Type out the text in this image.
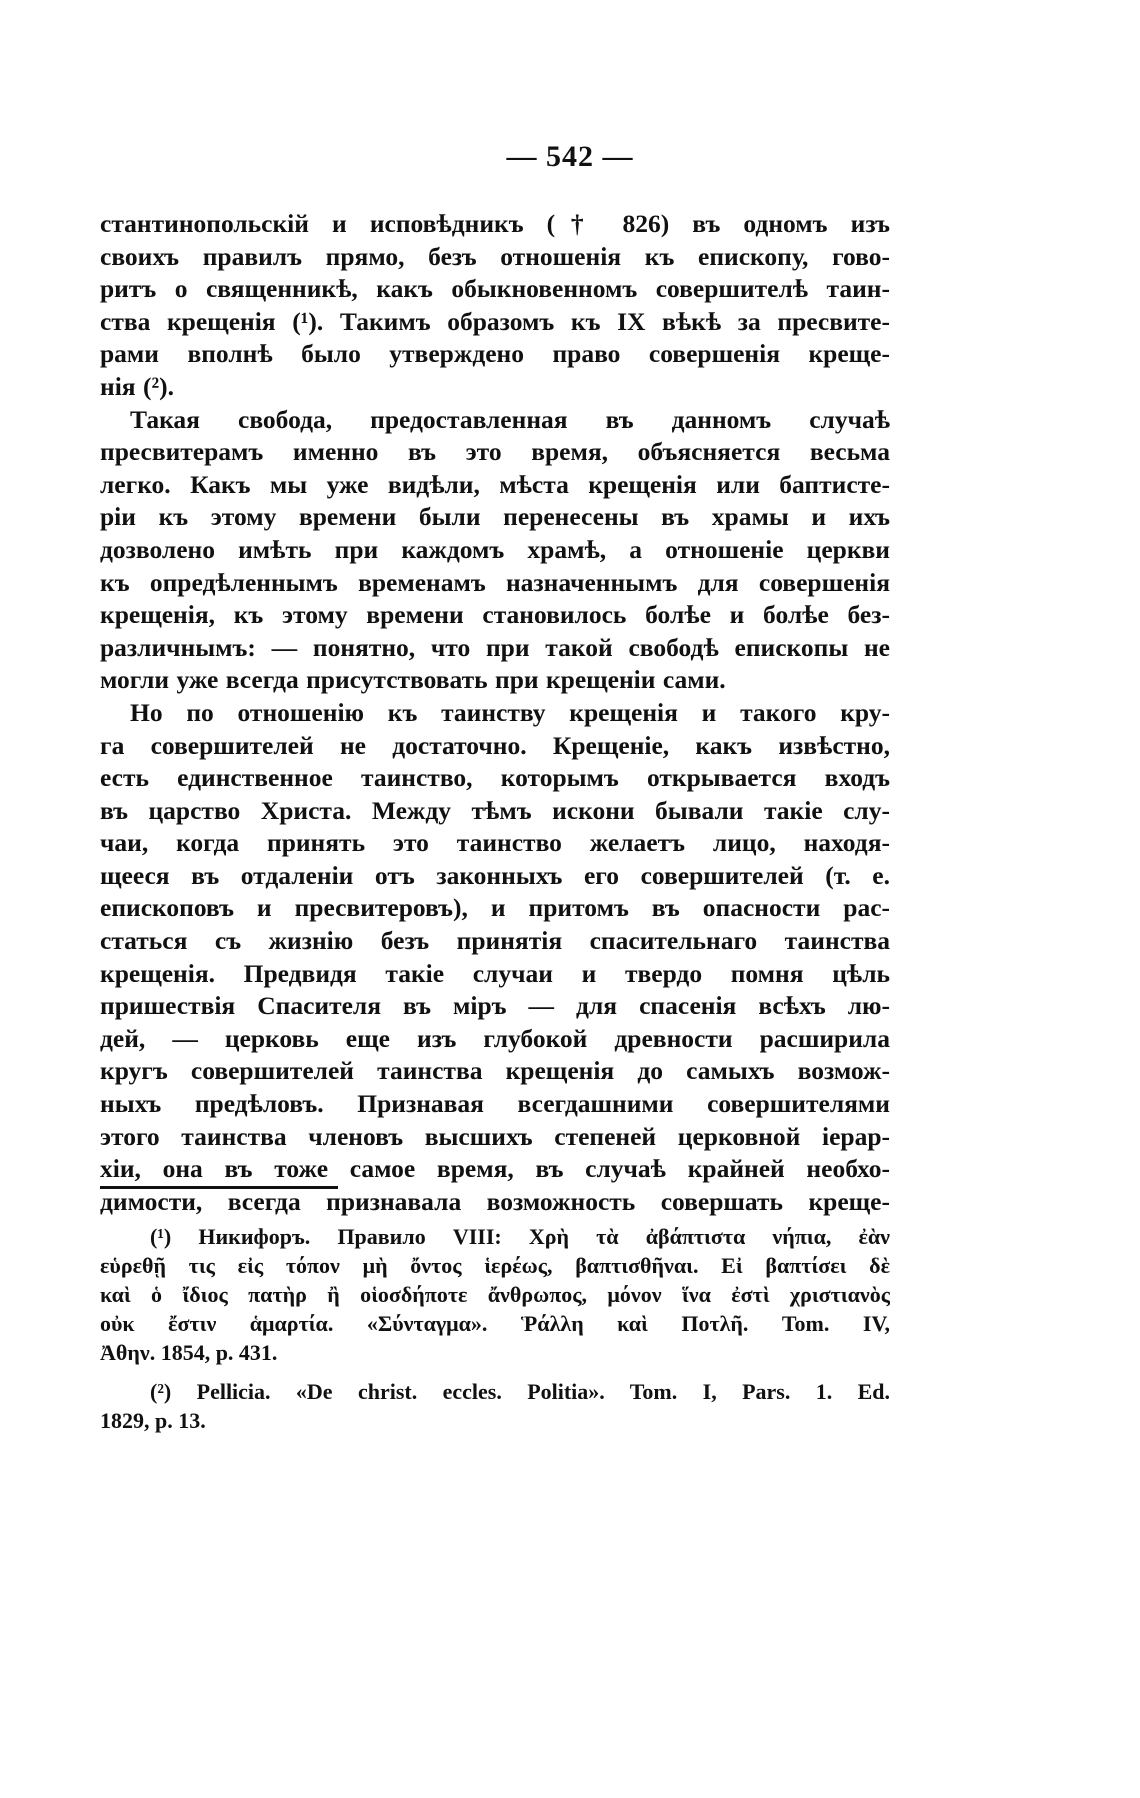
— 542 —
стантинопольскій и исповѣдникъ († 826) въ одномъ изъ
своихъ правилъ прямо, безъ отношенія къ епископу, гово-
ритъ о священникѣ, какъ обыкновенномъ совершителѣ таин-
ства крещенія (¹). Такимъ образомъ къ IX вѣкѣ за пресвите-
рами вполнѣ было утверждено право совершенія креще-
нія (²).
Такая свобода, предоставленная въ данномъ случаѣ
пресвитерамъ именно въ это время, объясняется весьма
легко. Какъ мы уже видѣли, мѣста крещенія или баптисте-
ріи къ этому времени были перенесены въ храмы и ихъ
дозволено имѣть при каждомъ храмѣ, а отношеніе церкви
къ опредѣленнымъ временамъ назначеннымъ для совершенія
крещенія, къ этому времени становилось болѣе и болѣе без-
различнымъ: — понятно, что при такой свободѣ епископы не
могли уже всегда присутствовать при крещеніи сами.
Но по отношенію къ таинству крещенія и такого кру-
га совершителей не достаточно. Крещеніе, какъ извѣстно,
есть единственное таинство, которымъ открывается входъ
въ царство Христа. Между тѣмъ искони бывали такіе слу-
чаи, когда принять это таинство желаетъ лицо, находя-
щееся въ отдаленіи отъ законныхъ его совершителей (т. е.
епископовъ и пресвитеровъ), и притомъ въ опасности рас-
статься съ жизнію безъ принятія спасительнаго таинства
крещенія. Предвидя такіе случаи и твердо помня цѣль
пришествія Спасителя въ міръ — для спасенія всѣхъ лю-
дей, — церковь еще изъ глубокой древности расширила
кругъ совершителей таинства крещенія до самыхъ возмож-
ныхъ предѣловъ. Признавая всегдашними совершителями
этого таинства членовъ высшихъ степеней церковной іерар-
хіи, она въ тоже самое время, въ случаѣ крайней необхо-
димости, всегда признавала возможность совершать креще-
(¹) Никифоръ. Правило VIII: Χρὴ τὰ ἀβάπτιστα νήπια, ἐὰν
εὑρεθῇ τις εἰς τόπον μὴ ὄντος ἱερέως, βαπτισθῆναι. Εἰ βαπτίσει δὲ
καὶ ὁ ἴδιος πατὴρ ἢ οἱοσδήποτε ἄνθρωπος, μόνον ἵνα ἐστὶ χριστιανὸς
οὐκ ἔστιν ἁμαρτία. «Σύνταγμα». Ῥάλλη καὶ Ποτλῆ. Tom. IV,
Ἀθην. 1854, p. 431.
(²) Pellicia. «De christ. eccles. Politia». Tom. I, Pars. 1. Ed.
1829, p. 13.
